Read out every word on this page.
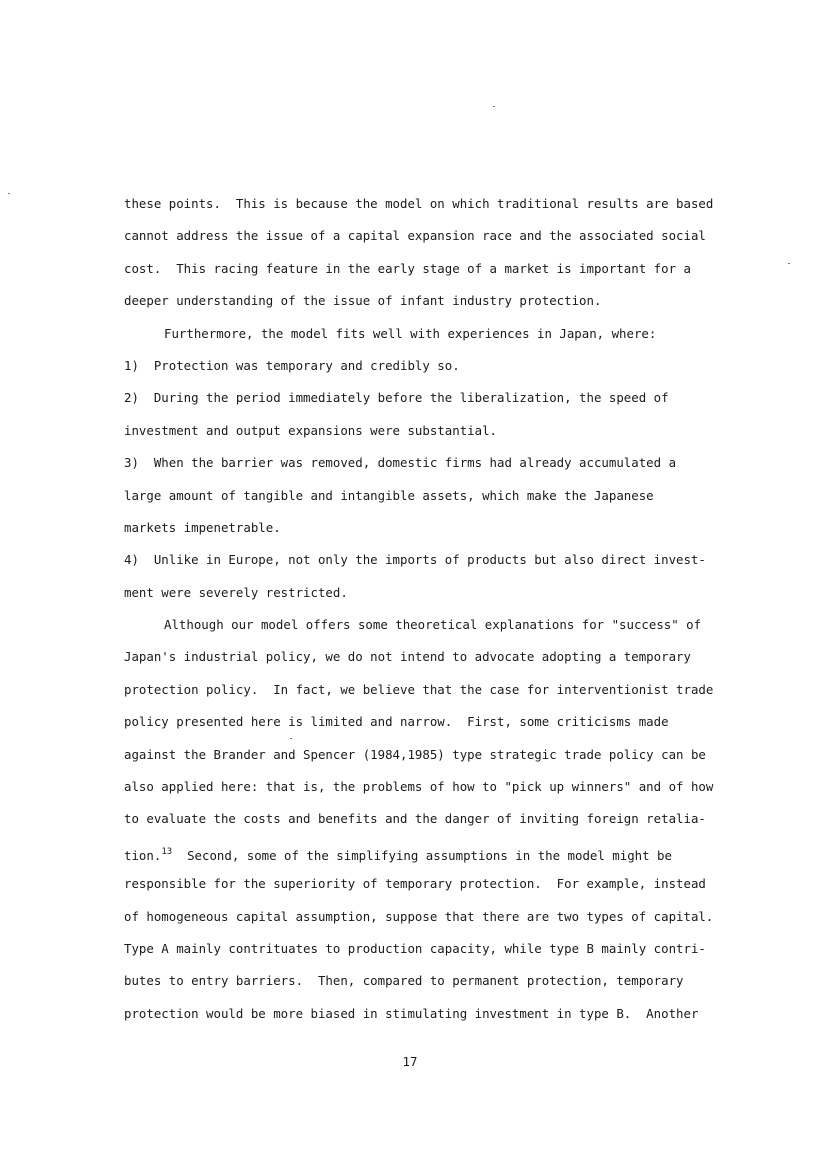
these points.  This is because the model on which traditional results are based
cannot address the issue of a capital expansion race and the associated social
cost.  This racing feature in the early stage of a market is important for a
deeper understanding of the issue of infant industry protection.
Furthermore, the model fits well with experiences in Japan, where:
1)  Protection was temporary and credibly so.
2)  During the period immediately before the liberalization, the speed of
investment and output expansions were substantial.
3)  When the barrier was removed, domestic firms had already accumulated a
large amount of tangible and intangible assets, which make the Japanese
markets impenetrable.
4)  Unlike in Europe, not only the imports of products but also direct invest-
ment were severely restricted.
Although our model offers some theoretical explanations for "success" of
Japan's industrial policy, we do not intend to advocate adopting a temporary
protection policy.  In fact, we believe that the case for interventionist trade
policy presented here is limited and narrow.  First, some criticisms made
against the Brander and Spencer (1984,1985) type strategic trade policy can be
also applied here: that is, the problems of how to "pick up winners" and of how
to evaluate the costs and benefits and the danger of inviting foreign retalia-
tion.$^{13}$ Second, some of the simplifying assumptions in the model might be
responsible for the superiority of temporary protection.  For example, instead
of homogeneous capital assumption, suppose that there are two types of capital.
Type A mainly contrituates to production capacity, while type B mainly contri-
butes to entry barriers.  Then, compared to permanent protection, temporary
protection would be more biased in stimulating investment in type B.  Another
17
